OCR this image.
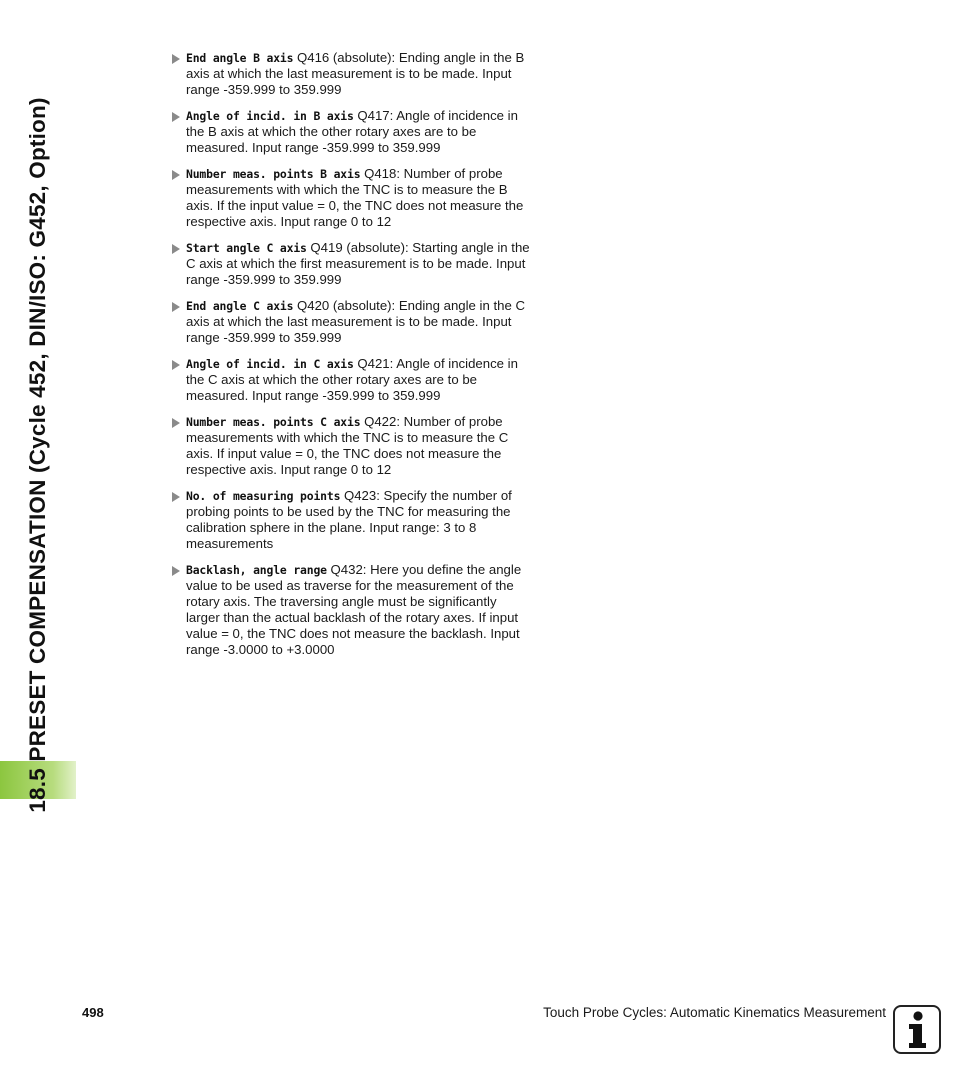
18.5 PRESET COMPENSATION (Cycle 452, DIN/ISO: G452, Option)
End angle B axis Q416 (absolute): Ending angle in the B axis at which the last measurement is to be made. Input range -359.999 to 359.999
Angle of incid. in B axis Q417: Angle of incidence in the B axis at which the other rotary axes are to be measured. Input range -359.999 to 359.999
Number meas. points B axis Q418: Number of probe measurements with which the TNC is to measure the B axis. If the input value = 0, the TNC does not measure the respective axis. Input range 0 to 12
Start angle C axis Q419 (absolute): Starting angle in the C axis at which the first measurement is to be made. Input range -359.999 to 359.999
End angle C axis Q420 (absolute): Ending angle in the C axis at which the last measurement is to be made. Input range -359.999 to 359.999
Angle of incid. in C axis Q421: Angle of incidence in the C axis at which the other rotary axes are to be measured. Input range -359.999 to 359.999
Number meas. points C axis Q422: Number of probe measurements with which the TNC is to measure the C axis. If input value = 0, the TNC does not measure the respective axis. Input range 0 to 12
No. of measuring points Q423: Specify the number of probing points to be used by the TNC for measuring the calibration sphere in the plane. Input range: 3 to 8 measurements
Backlash, angle range Q432: Here you define the angle value to be used as traverse for the measurement of the rotary axis. The traversing angle must be significantly larger than the actual backlash of the rotary axes. If input value = 0, the TNC does not measure the backlash. Input range -3.0000 to +3.0000
498	Touch Probe Cycles: Automatic Kinematics Measurement
